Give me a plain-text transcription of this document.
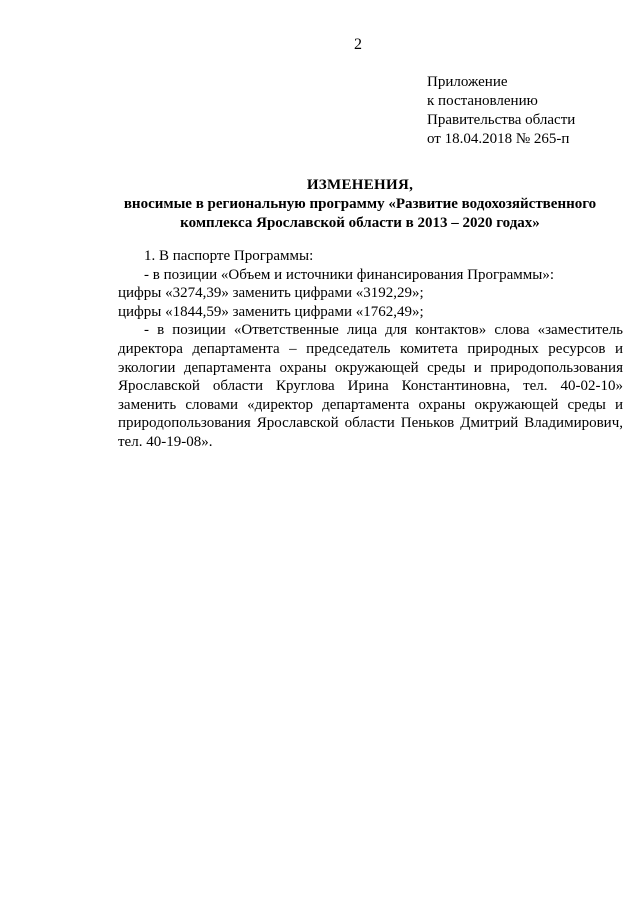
2
Приложение
к постановлению
Правительства области
от 18.04.2018 № 265-п
ИЗМЕНЕНИЯ,
вносимые в региональную программу «Развитие водохозяйственного
комплекса Ярославской области в 2013 – 2020 годах»

1. В паспорте Программы:

- в позиции «Объем и источники финансирования Программы»:

цифры «3274,39» заменить цифрами «3192,29»;

цифры «1844,59» заменить цифрами «1762,49»;

- в позиции «Ответственные лица для контактов» слова «заместитель директора департамента – председатель комитета природных ресурсов и экологии департамента охраны окружающей среды и природопользования Ярославской области Круглова Ирина Константиновна, тел. 40-02-10» заменить словами «директор департамента охраны окружающей среды и природопользования Ярославской области Пеньков Дмитрий Владимирович, тел. 40-19-08».
